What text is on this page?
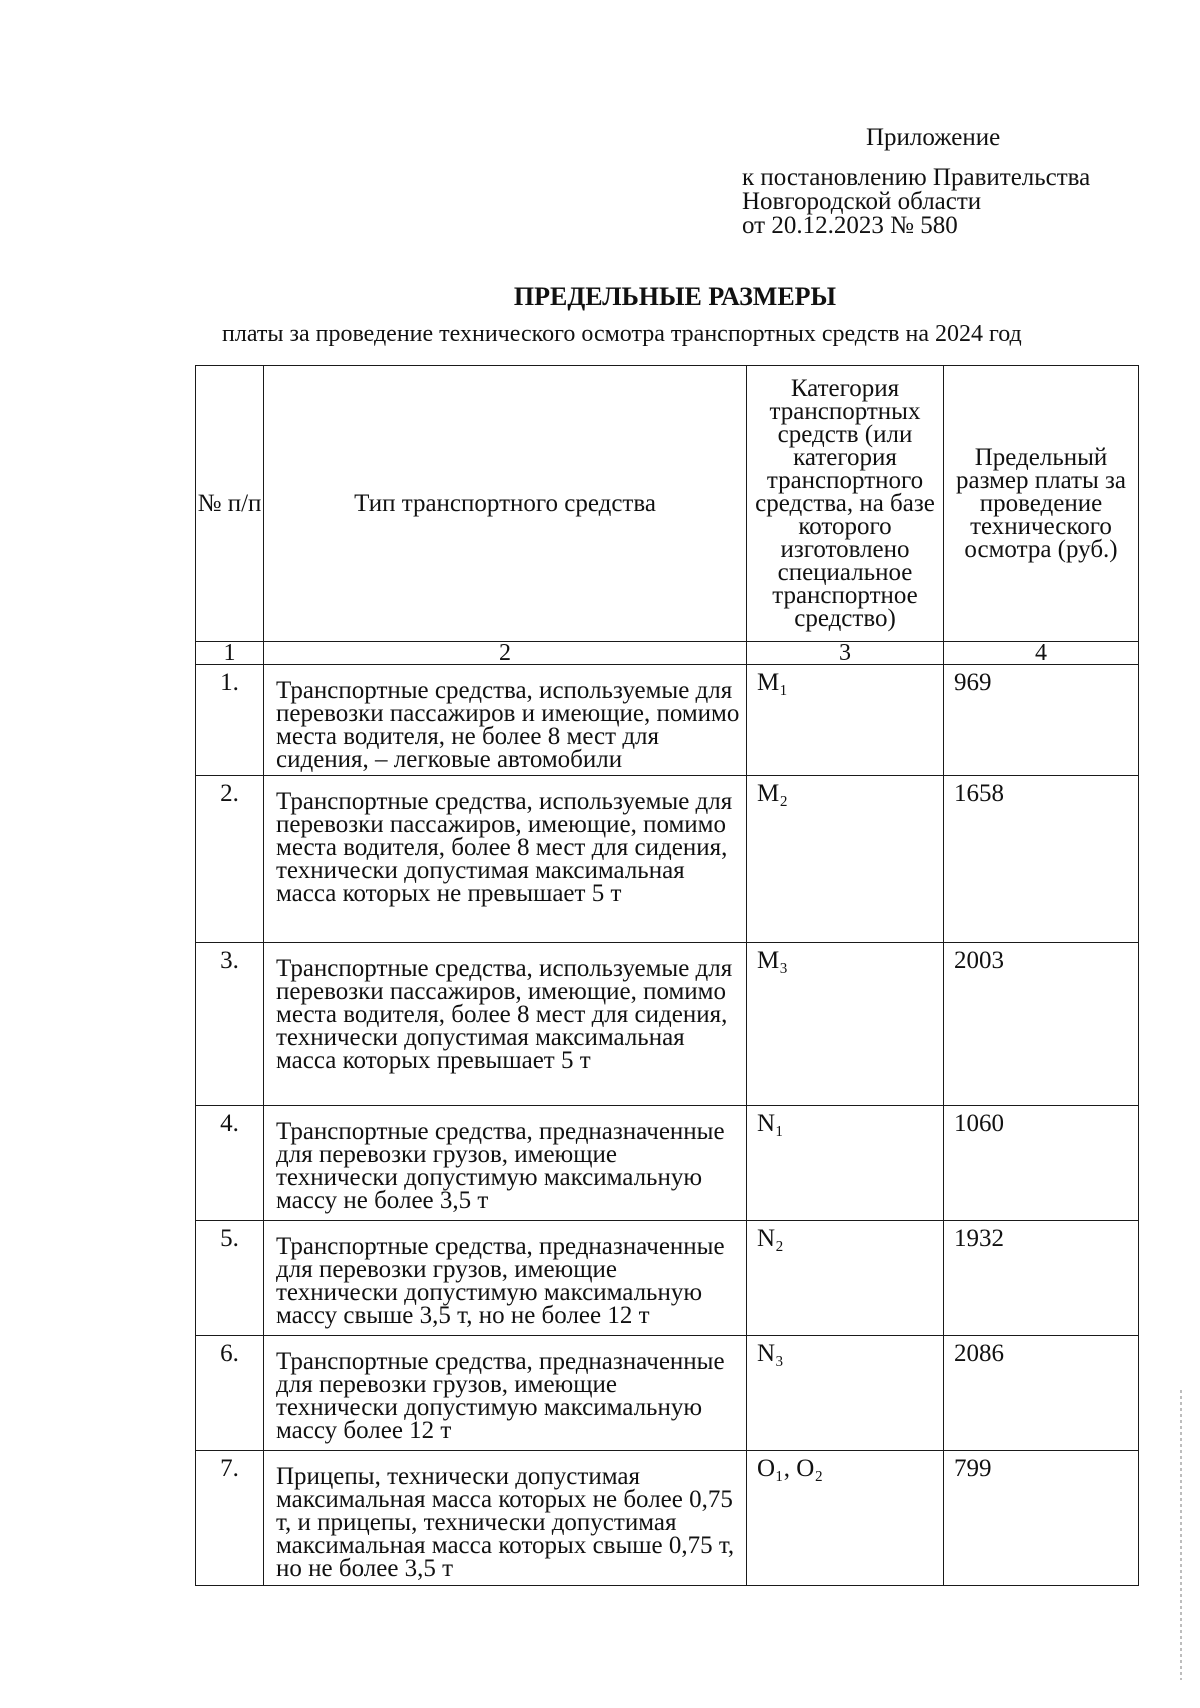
Приложение
к постановлению Правительства
Новгородской области
от 20.12.2023 № 580
ПРЕДЕЛЬНЫЕ РАЗМЕРЫ
платы за проведение технического осмотра транспортных средств на 2024 год
№ п/п	Тип транспортного средства	Категория транспортных средств (или категория транспортного средства, на базе которого изготовлено специальное транспортное средство)	Предельный размер платы за проведение технического осмотра (руб.)
1	2	3	4
1.	Транспортные средства, используемые для перевозки пассажиров и имеющие, помимо места водителя, не более 8 мест для сидения, – легковые автомобили	M₁	969
2.	Транспортные средства, используемые для перевозки пассажиров, имеющие, помимо места водителя, более 8 мест для сидения, технически допустимая максимальная масса которых не превышает 5 т	M₂	1658
3.	Транспортные средства, используемые для перевозки пассажиров, имеющие, помимо места водителя, более 8 мест для сидения, технически допустимая максимальная масса которых превышает 5 т	M₃	2003
4.	Транспортные средства, предназначенные для перевозки грузов, имеющие технически допустимую максимальную массу не более 3,5 т	N₁	1060
5.	Транспортные средства, предназначенные для перевозки грузов, имеющие технически допустимую максимальную массу свыше 3,5 т, но не более 12 т	N₂	1932
6.	Транспортные средства, предназначенные для перевозки грузов, имеющие технически допустимую максимальную массу более 12 т	N₃	2086
7.	Прицепы, технически допустимая максимальная масса которых не более 0,75 т, и прицепы, технически допустимая максимальная масса которых свыше 0,75 т, но не более 3,5 т	O₁, O₂	799
